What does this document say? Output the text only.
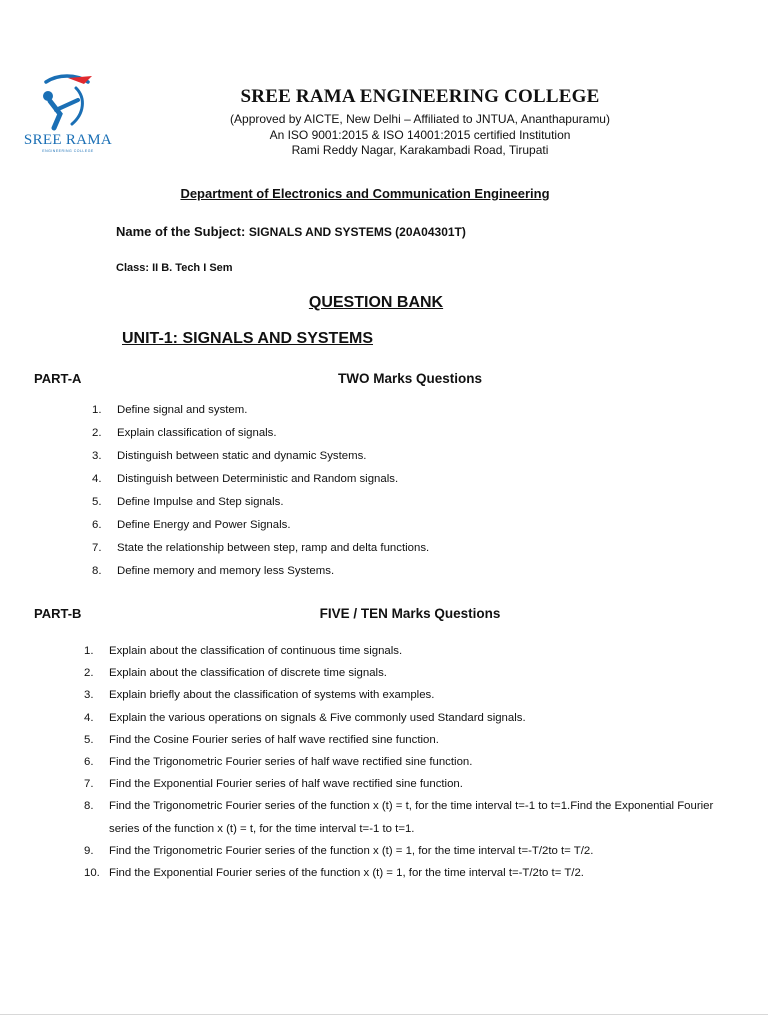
SREE RAMA
ENGINEERING COLLEGE
SREE RAMA ENGINEERING COLLEGE
(Approved by AICTE, New Delhi – Affiliated to JNTUA, Ananthapuramu)
An ISO 9001:2015 & ISO 14001:2015 certified Institution
Rami Reddy Nagar, Karakambadi Road, Tirupati
Department of Electronics and Communication Engineering
Name of the Subject: SIGNALS AND SYSTEMS (20A04301T)
Class: II B. Tech I Sem
QUESTION BANK
UNIT-1: SIGNALS AND SYSTEMS
PART-A	TWO Marks Questions
1. Define signal and system.
2. Explain classification of signals.
3. Distinguish between static and dynamic Systems.
4. Distinguish between Deterministic and Random signals.
5. Define Impulse and Step signals.
6. Define Energy and Power Signals.
7. State the relationship between step, ramp and delta functions.
8. Define memory and memory less Systems.
PART-B	FIVE / TEN Marks Questions
1. Explain about the classification of continuous time signals.
2. Explain about the classification of discrete time signals.
3. Explain briefly about the classification of systems with examples.
4. Explain the various operations on signals & Five commonly used Standard signals.
5. Find the Cosine Fourier series of half wave rectified sine function.
6. Find the Trigonometric Fourier series of half wave rectified sine function.
7. Find the Exponential Fourier series of half wave rectified sine function.
8. Find the Trigonometric Fourier series of the function x (t) = t, for the time interval t=-1 to t=1.Find the Exponential Fourier series of the function x (t) = t, for the time interval t=-1 to t=1.
9. Find the Trigonometric Fourier series of the function x (t) = 1, for the time interval t=-T/2to t= T/2.
10. Find the Exponential Fourier series of the function x (t) = 1, for the time interval t=-T/2to t= T/2.
